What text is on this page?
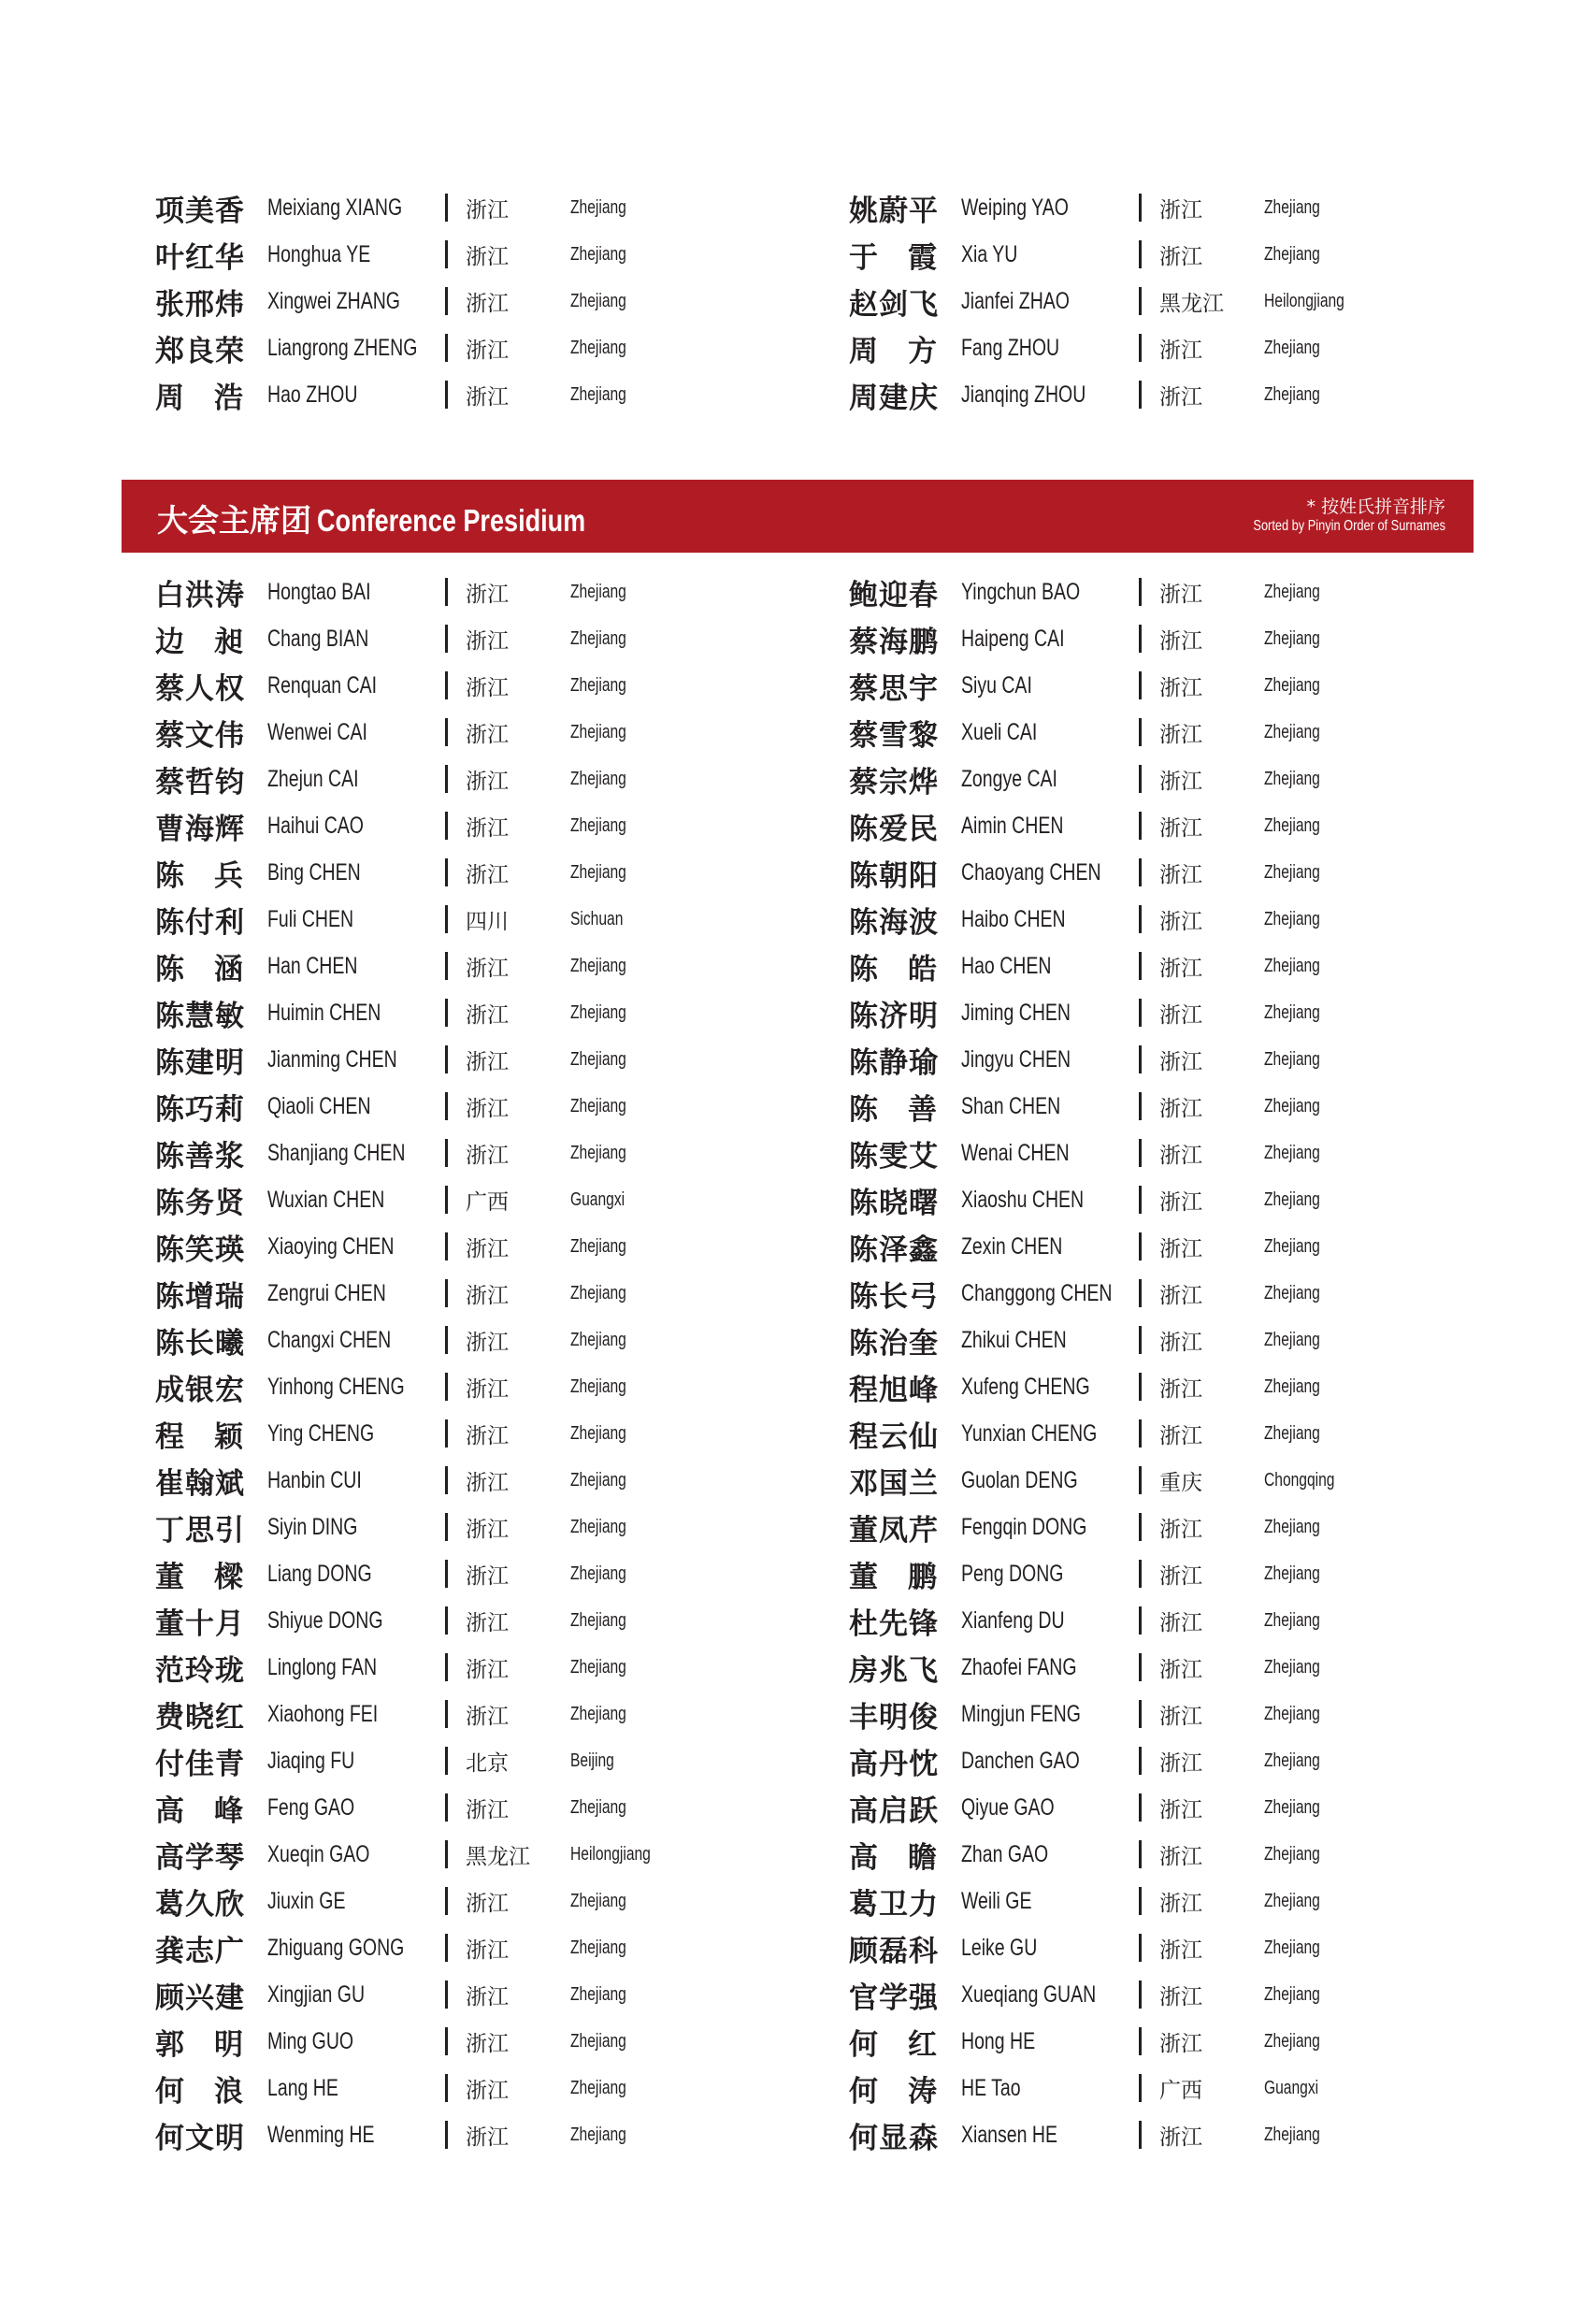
项美香 Meixiang XIANG	浙江	Zhejiang
叶红华 Honghua YE	浙江	Zhejiang
张邢炜 Xingwei ZHANG	浙江	Zhejiang
郑良荣 Liangrong ZHENG 浙江	Zhejiang
周 浩 Hao ZHOU	浙江	Zhejiang
姚蔚平 Weiping YAO	浙江	Zhejiang
于 霞 Xia YU	浙江	Zhejiang
赵剑飞 Jianfei ZHAO	黑龙江	Heilongjiang
周 方 Fang ZHOU	浙江	Zhejiang
周建庆 Jianqing ZHOU	浙江	Zhejiang
大会主席团 Conference Presidium	* 按姓氏拼音排序
Sorted by Pinyin Order of Surnames
白洪涛 Hongtao BAI	浙江	Zhejiang
边 昶 Chang BIAN	浙江	Zhejiang
蔡人权 Renquan CAI	浙江	Zhejiang
蔡文伟 Wenwei CAI	浙江	Zhejiang
蔡哲钧 Zhejun CAI	浙江	Zhejiang
曹海辉 Haihui CAO	浙江	Zhejiang
陈 兵 Bing CHEN	浙江	Zhejiang
陈付利 Fuli CHEN	四川	Sichuan
陈 涵 Han CHEN	浙江	Zhejiang
陈慧敏 Huimin CHEN	浙江	Zhejiang
陈建明 Jianming CHEN	浙江	Zhejiang
陈巧莉 Qiaoli CHEN	浙江	Zhejiang
陈善浆 Shanjiang CHEN	浙江	Zhejiang
陈务贤 Wuxian CHEN	广西	Guangxi
陈笑瑛 Xiaoying CHEN	浙江	Zhejiang
陈增瑞 Zengrui CHEN	浙江	Zhejiang
陈长曦 Changxi CHEN	浙江	Zhejiang
成银宏 Yinhong CHENG	浙江	Zhejiang
程 颖 Ying CHENG	浙江	Zhejiang
崔翰斌 Hanbin CUI	浙江	Zhejiang
丁思引 Siyin DING	浙江	Zhejiang
董 樑 Liang DONG	浙江	Zhejiang
董十月 Shiyue DONG	浙江	Zhejiang
范玲珑 Linglong FAN	浙江	Zhejiang
费晓红 Xiaohong FEI	浙江	Zhejiang
付佳青 Jiaqing FU	北京	Beijing
高 峰 Feng GAO	浙江	Zhejiang
高学琴 Xueqin GAO	黑龙江	Heilongjiang
葛久欣 Jiuxin GE	浙江	Zhejiang
龚志广 Zhiguang GONG	浙江	Zhejiang
顾兴建 Xingjian GU	浙江	Zhejiang
郭 明 Ming GUO	浙江	Zhejiang
何 浪 Lang HE	浙江	Zhejiang
何文明 Wenming HE	浙江	Zhejiang
鲍迎春 Yingchun BAO	浙江	Zhejiang
蔡海鹏 Haipeng CAI	浙江	Zhejiang
蔡思宇 Siyu CAI	浙江	Zhejiang
蔡雪黎 Xueli CAI	浙江	Zhejiang
蔡宗烨 Zongye CAI	浙江	Zhejiang
陈爱民 Aimin CHEN	浙江	Zhejiang
陈朝阳 Chaoyang CHEN	浙江	Zhejiang
陈海波 Haibo CHEN	浙江	Zhejiang
陈 皓 Hao CHEN	浙江	Zhejiang
陈济明 Jiming CHEN	浙江	Zhejiang
陈静瑜 Jingyu CHEN	浙江	Zhejiang
陈 善 Shan CHEN	浙江	Zhejiang
陈雯艾 Wenai CHEN	浙江	Zhejiang
陈晓曙 Xiaoshu CHEN	浙江	Zhejiang
陈泽鑫 Zexin CHEN	浙江	Zhejiang
陈长弓 Changgong CHEN 浙江	Zhejiang
陈治奎 Zhikui CHEN	浙江	Zhejiang
程旭峰 Xufeng CHENG	浙江	Zhejiang
程云仙 Yunxian CHENG	浙江	Zhejiang
邓国兰 Guolan DENG	重庆	Chongqing
董凤芹 Fengqin DONG	浙江	Zhejiang
董 鹏 Peng DONG	浙江	Zhejiang
杜先锋 Xianfeng DU	浙江	Zhejiang
房兆飞 Zhaofei FANG	浙江	Zhejiang
丰明俊 Mingjun FENG	浙江	Zhejiang
高丹忱 Danchen GAO	浙江	Zhejiang
高启跃 Qiyue GAO	浙江	Zhejiang
高 瞻 Zhan GAO	浙江	Zhejiang
葛卫力 Weili GE	浙江	Zhejiang
顾磊科 Leike GU	浙江	Zhejiang
官学强 Xueqiang GUAN	浙江	Zhejiang
何 红 Hong HE	浙江	Zhejiang
何 涛 HE Tao	广西	Guangxi
何显森 Xiansen HE	浙江	Zhejiang
